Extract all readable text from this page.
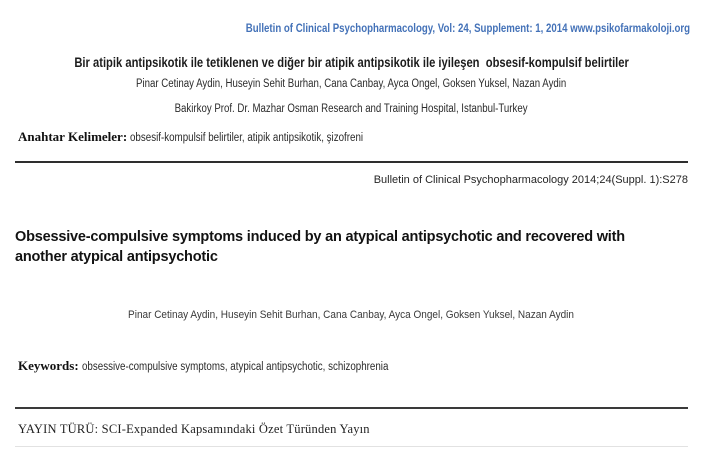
Bulletin of Clinical Psychopharmacology, Vol: 24, Supplement: 1, 2014 www.psikofarmakoloji.org

Bir atipik antipsikotik ile tetiklenen ve diğer bir atipik antipsikotik ile iyileşen  obsesif-kompulsif belirtiler
Pinar Cetinay Aydin, Huseyin Sehit Burhan, Cana Canbay, Ayca Ongel, Goksen Yuksel, Nazan Aydin
Bakirkoy Prof. Dr. Mazhar Osman Research and Training Hospital, Istanbul-Turkey
Anahtar Kelimeler: obsesif-kompulsif belirtiler, atipik antipsikotik, şizofreni
Bulletin of Clinical Psychopharmacology 2014;24(Suppl. 1):S278
Obsessive-compulsive symptoms induced by an atypical antipsychotic and recovered with
another atypical antipsychotic
Pinar Cetinay Aydin, Huseyin Sehit Burhan, Cana Canbay, Ayca Ongel, Goksen Yuksel, Nazan Aydin
Keywords: obsessive-compulsive symptoms, atypical antipsychotic, schizophrenia
YAYIN TÜRÜ: SCI-Expanded Kapsamındaki Özet Türünden Yayın
